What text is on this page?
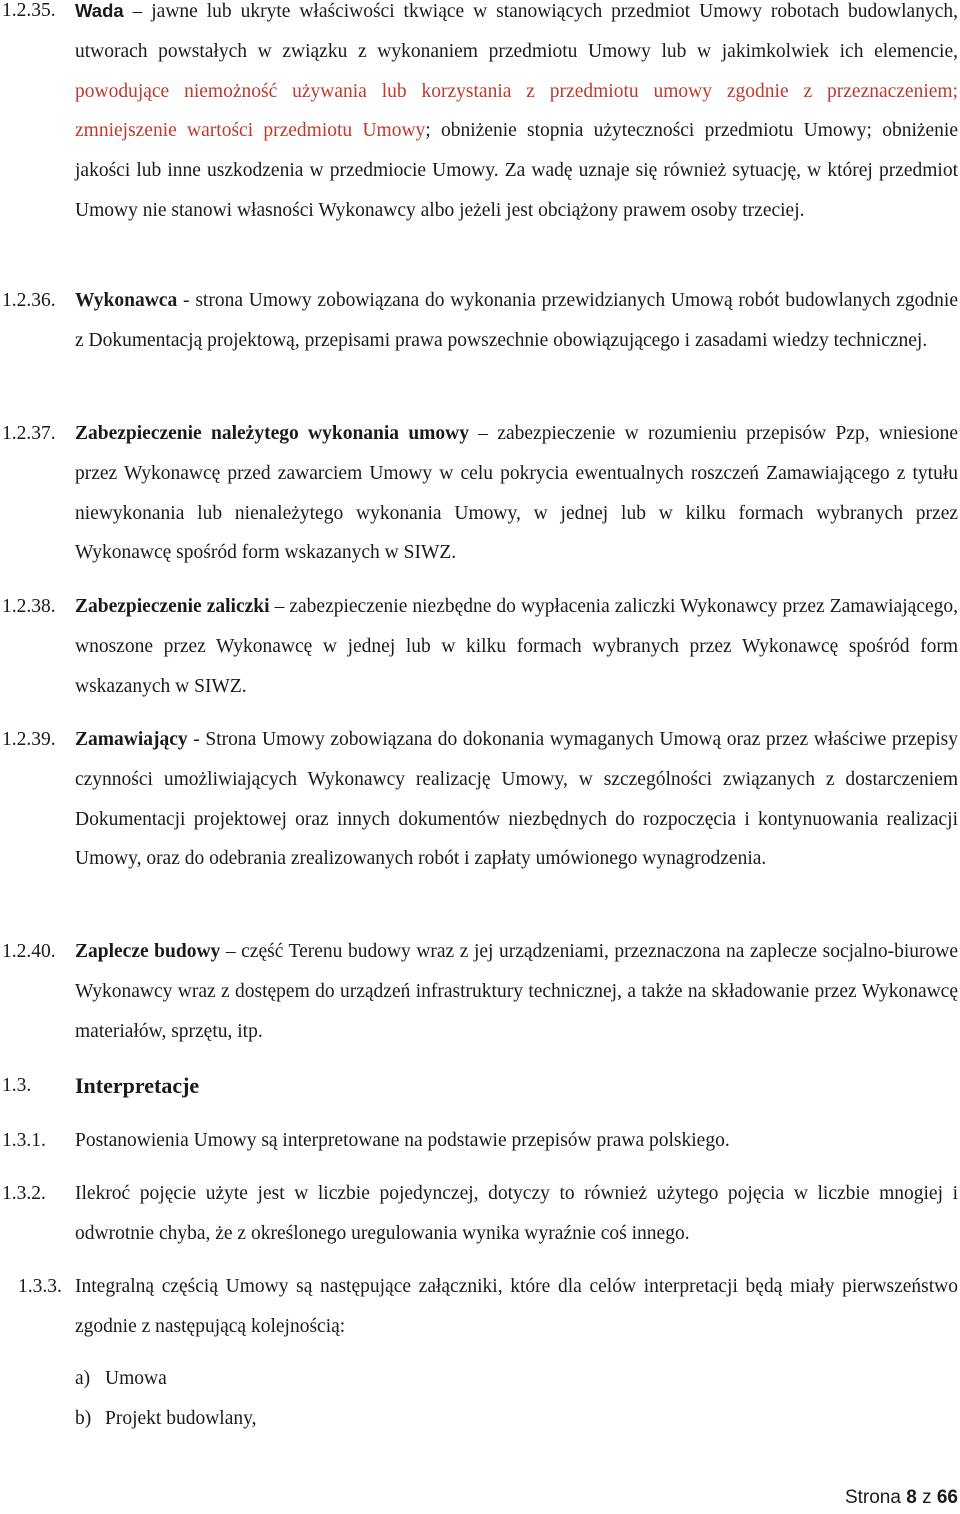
1.2.35. Wada – jawne lub ukryte właściwości tkwiące w stanowiących przedmiot Umowy robotach budowlanych, utworach powstałych w związku z wykonaniem przedmiotu Umowy lub w jakimkolwiek ich elemencie, powodujące niemożność używania lub korzystania z przedmiotu umowy zgodnie z przeznaczeniem; zmniejszenie wartości przedmiotu Umowy; obniżenie stopnia użyteczności przedmiotu Umowy; obniżenie jakości lub inne uszkodzenia w przedmiocie Umowy. Za wadę uznaje się również sytuację, w której przedmiot Umowy nie stanowi własności Wykonawcy albo jeżeli jest obciążony prawem osoby trzeciej.
1.2.36. Wykonawca - strona Umowy zobowiązana do wykonania przewidzianych Umową robót budowlanych zgodnie z Dokumentacją projektową, przepisami prawa powszechnie obowiązującego i zasadami wiedzy technicznej.
1.2.37. Zabezpieczenie należytego wykonania umowy – zabezpieczenie w rozumieniu przepisów Pzp, wniesione przez Wykonawcę przed zawarciem Umowy w celu pokrycia ewentualnych roszczeń Zamawiającego z tytułu niewykonania lub nienależytego wykonania Umowy, w jednej lub w kilku formach wybranych przez Wykonawcę spośród form wskazanych w SIWZ.
1.2.38. Zabezpieczenie zaliczki – zabezpieczenie niezbędne do wypłacenia zaliczki Wykonawcy przez Zamawiającego, wnoszone przez Wykonawcę w jednej lub w kilku formach wybranych przez Wykonawcę spośród form wskazanych w SIWZ.
1.2.39. Zamawiający - Strona Umowy zobowiązana do dokonania wymaganych Umową oraz przez właściwe przepisy czynności umożliwiających Wykonawcy realizację Umowy, w szczególności związanych z dostarczeniem Dokumentacji projektowej oraz innych dokumentów niezbędnych do rozpoczęcia i kontynuowania realizacji Umowy, oraz do odebrania zrealizowanych robót i zapłaty umówionego wynagrodzenia.
1.2.40. Zaplecze budowy – część Terenu budowy wraz z jej urządzeniami, przeznaczona na zaplecze socjalno-biurowe Wykonawcy wraz z dostępem do urządzeń infrastruktury technicznej, a także na składowanie przez Wykonawcę materiałów, sprzętu, itp.
1.3. Interpretacje
1.3.1. Postanowienia Umowy są interpretowane na podstawie przepisów prawa polskiego.
1.3.2. Ilekroć pojęcie użyte jest w liczbie pojedynczej, dotyczy to również użytego pojęcia w liczbie mnogiej i odwrotnie chyba, że z określonego uregulowania wynika wyraźnie coś innego.
1.3.3. Integralną częścią Umowy są następujące załączniki, które dla celów interpretacji będą miały pierwszeństwo zgodnie z następującą kolejnością:
a) Umowa
b) Projekt budowlany,
Strona 8 z 66
